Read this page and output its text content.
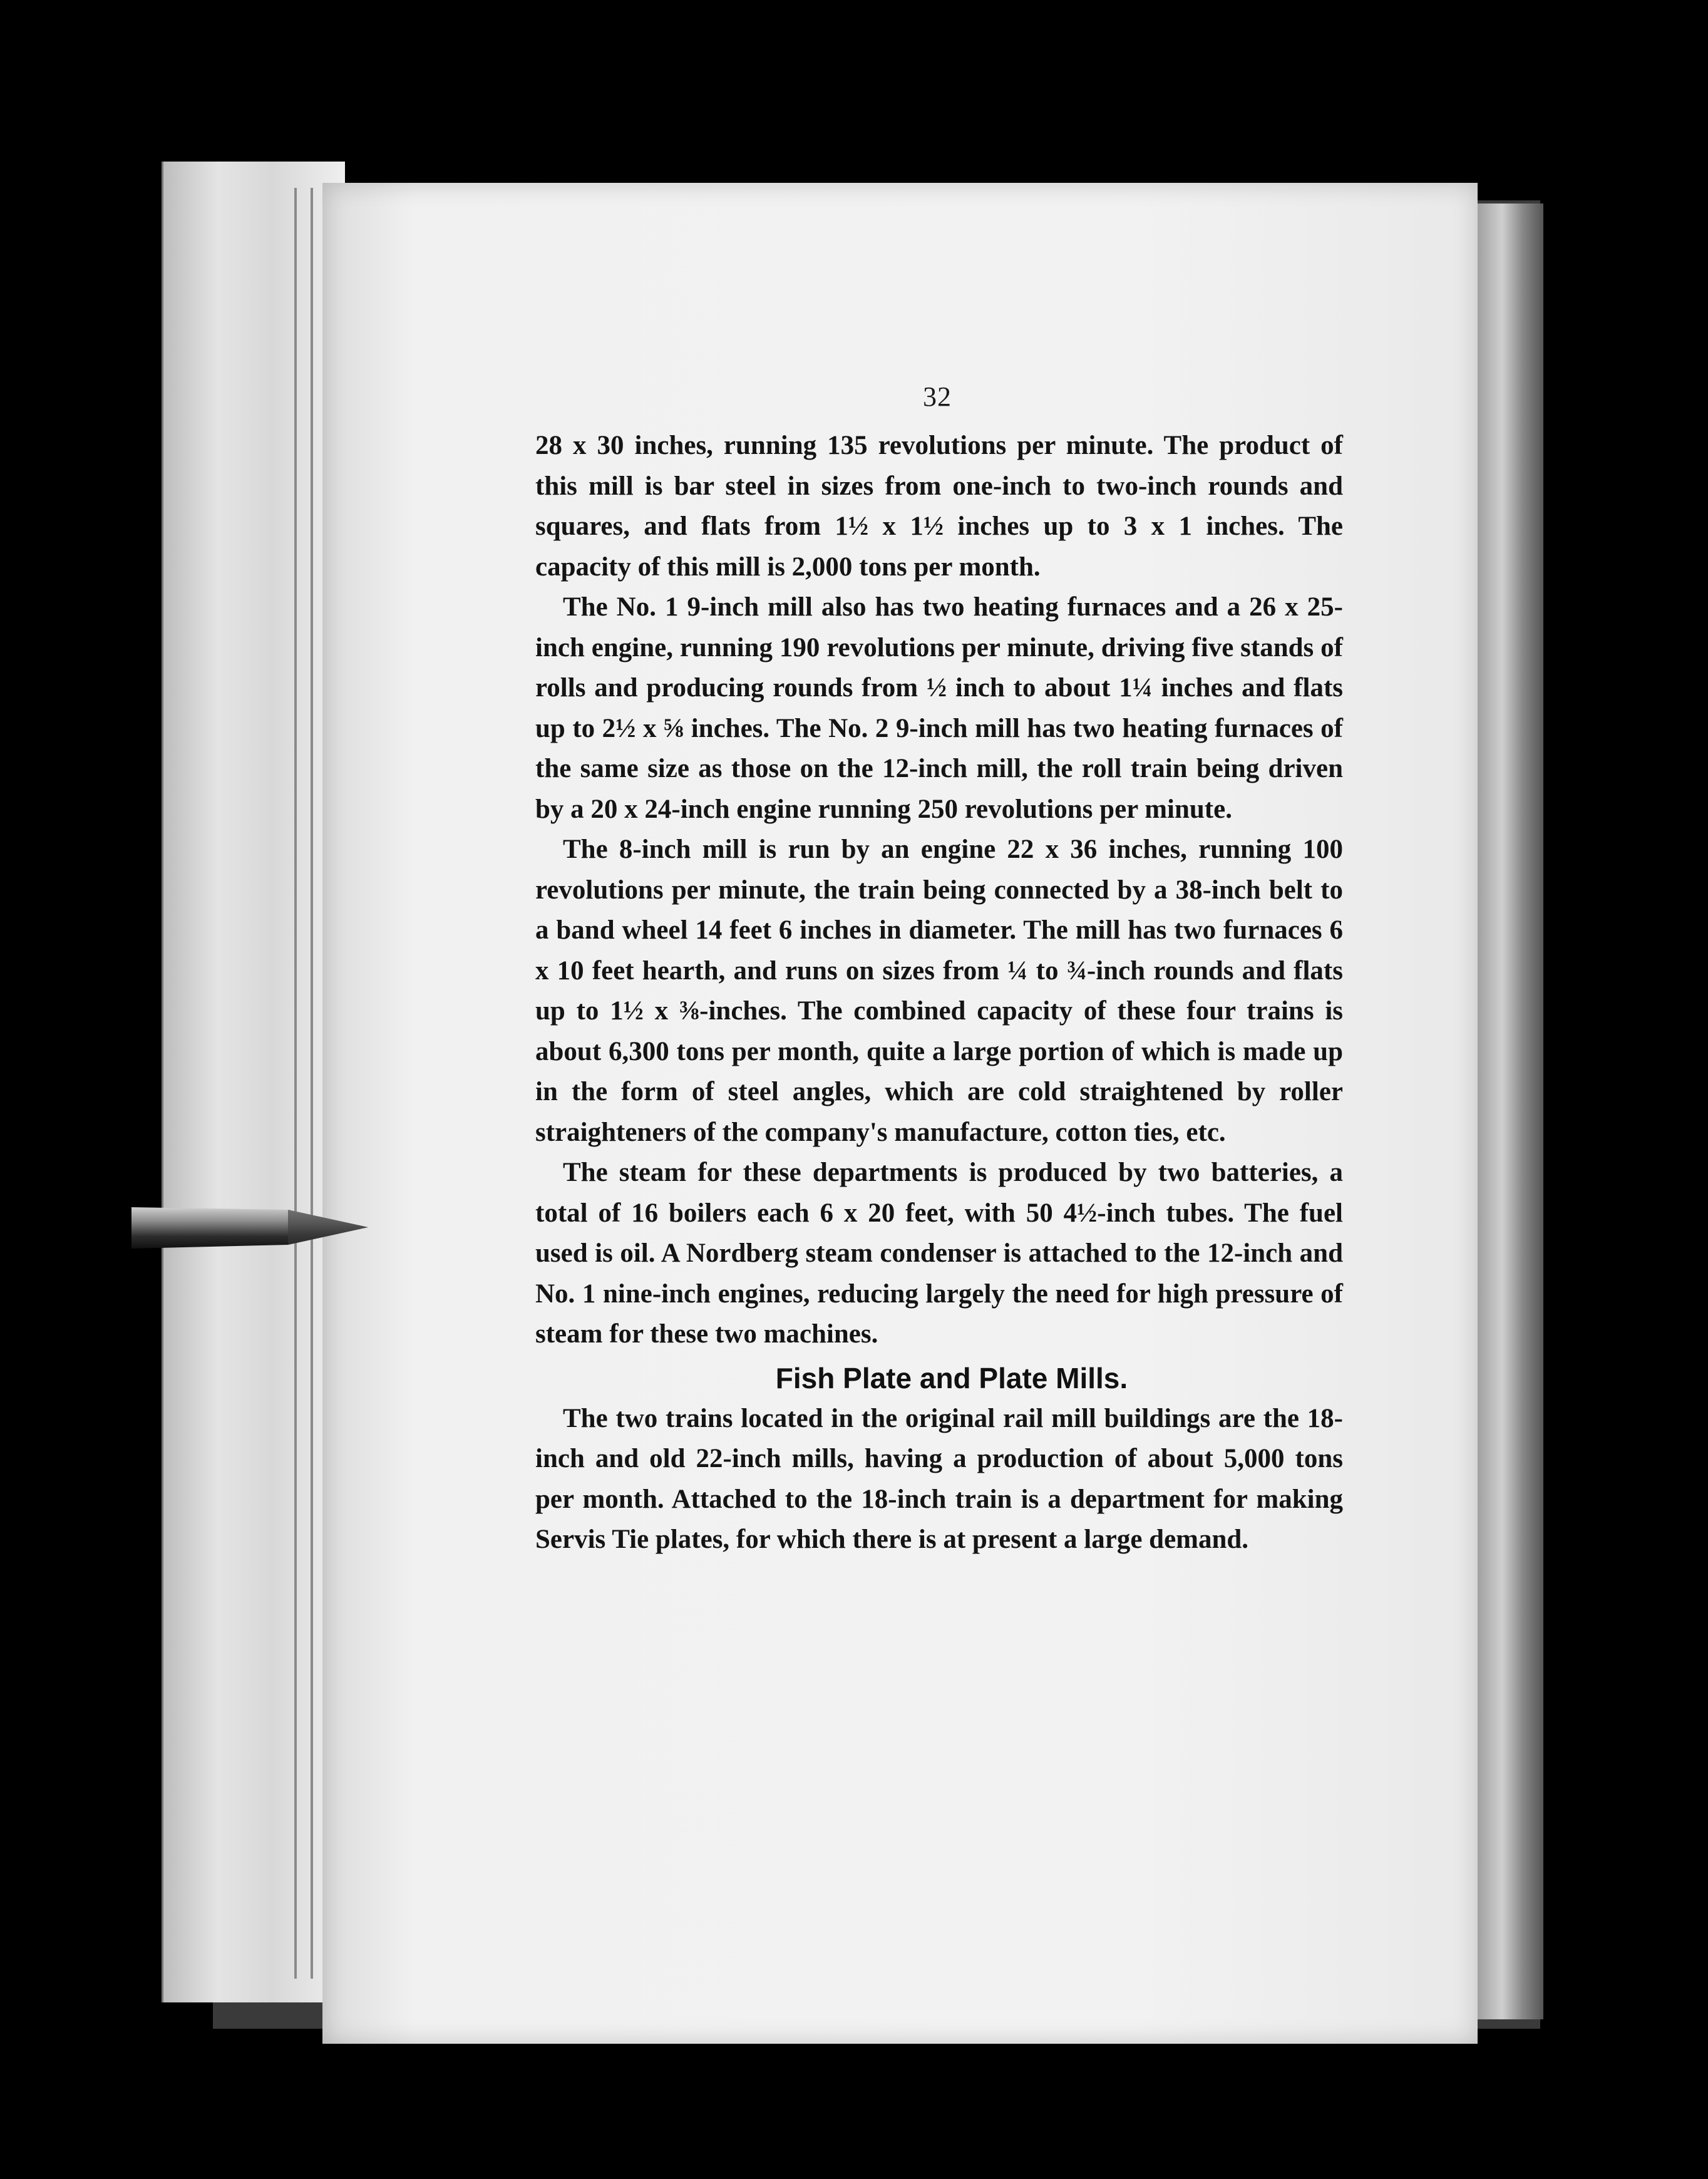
32

28 x 30 inches, running 135 revolutions per minute. The product of this mill is bar steel in sizes from one-inch to two-inch rounds and squares, and flats from 1½ x 1½ inches up to 3 x 1 inches. The capacity of this mill is 2,000 tons per month.

The No. 1 9-inch mill also has two heating furnaces and a 26 x 25-inch engine, running 190 revolutions per minute, driving five stands of rolls and producing rounds from ½ inch to about 1¼ inches and flats up to 2½ x ⅝ inches. The No. 2 9-inch mill has two heating furnaces of the same size as those on the 12-inch mill, the roll train being driven by a 20 x 24-inch engine running 250 revolutions per minute.

The 8-inch mill is run by an engine 22 x 36 inches, running 100 revolutions per minute, the train being connected by a 38-inch belt to a band wheel 14 feet 6 inches in diameter. The mill has two furnaces 6 x 10 feet hearth, and runs on sizes from ¼ to ¾-inch rounds and flats up to 1½ x ⅜-inches. The combined capacity of these four trains is about 6,300 tons per month, quite a large portion of which is made up in the form of steel angles, which are cold straightened by roller straighteners of the company's manufacture, cotton ties, etc.

The steam for these departments is produced by two batteries, a total of 16 boilers each 6 x 20 feet, with 50 4½-inch tubes. The fuel used is oil. A Nordberg steam condenser is attached to the 12-inch and No. 1 nine-inch engines, reducing largely the need for high pressure of steam for these two machines.

Fish Plate and Plate Mills.

The two trains located in the original rail mill buildings are the 18-inch and old 22-inch mills, having a production of about 5,000 tons per month. Attached to the 18-inch train is a department for making Servis Tie plates, for which there is at present a large demand.
